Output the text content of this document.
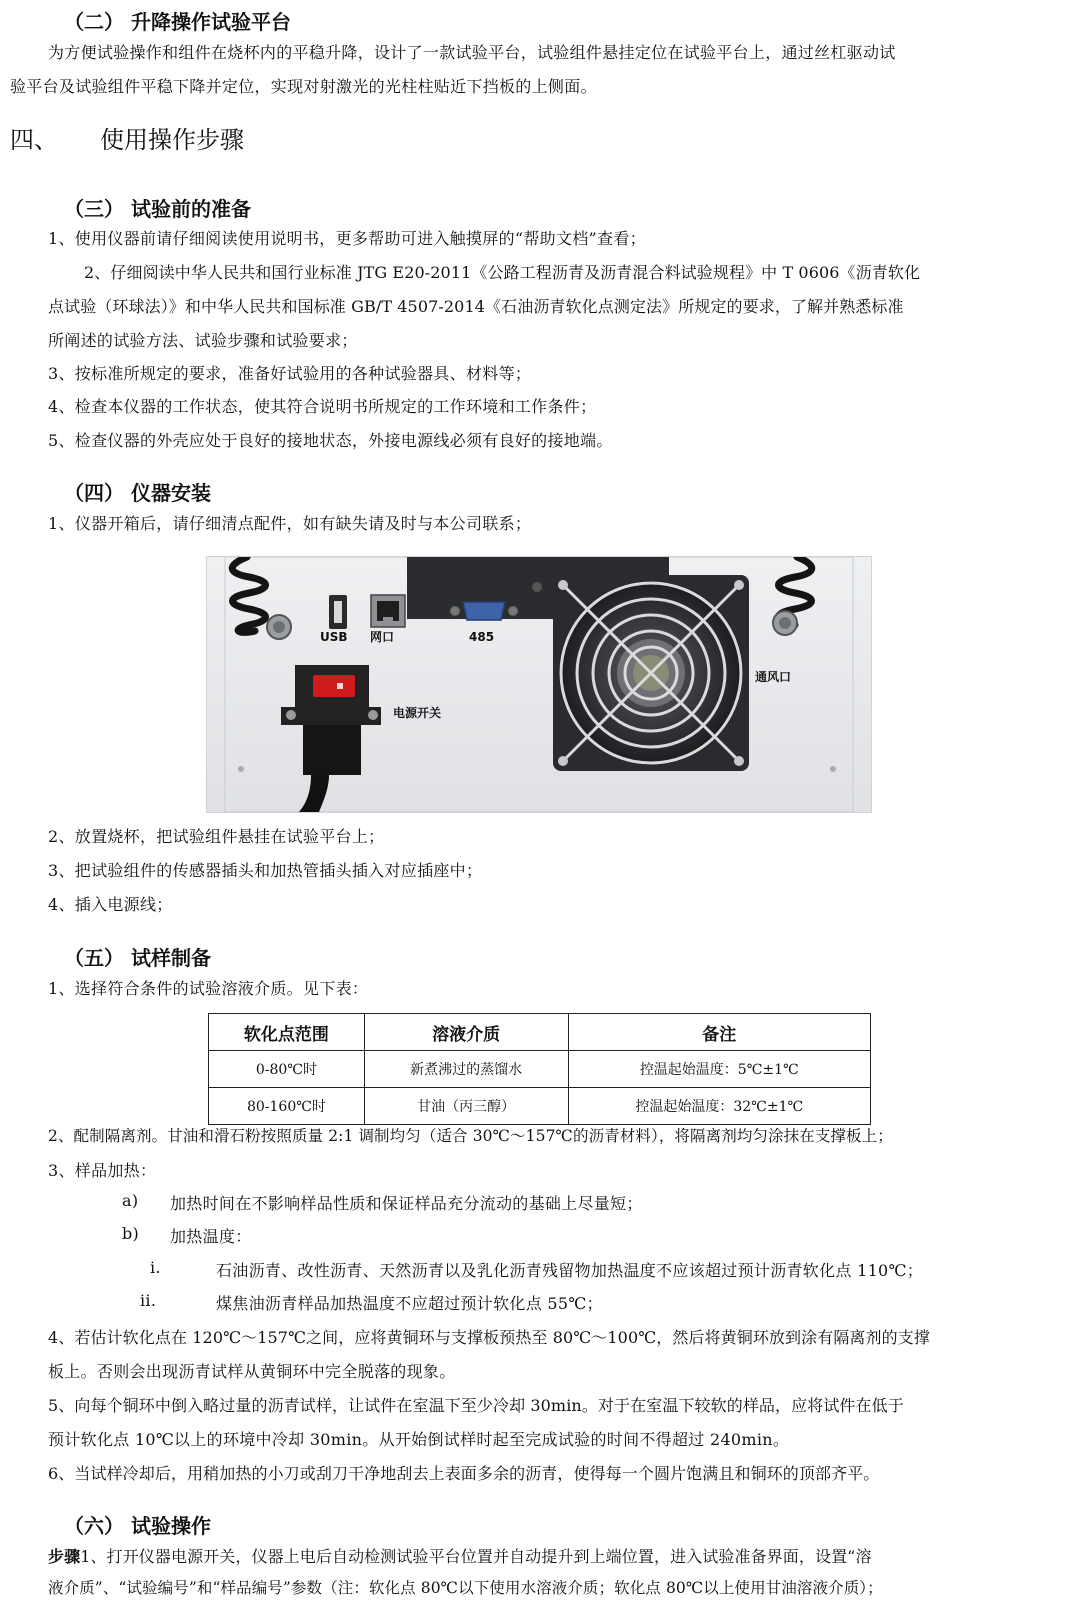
（二） 升降操作试验平台
为方便试验操作和组件在烧杯内的平稳升降，设计了一款试验平台，试验组件悬挂定位在试验平台上，通过丝杠驱动试
验平台及试验组件平稳下降并定位，实现对射激光的光柱柱贴近下挡板的上侧面。
四、 使用操作步骤
（三） 试验前的准备
1、使用仪器前请仔细阅读使用说明书，更多帮助可进入触摸屏的“帮助文档”查看；
2、仔细阅读中华人民共和国行业标准 JTG E20-2011《公路工程沥青及沥青混合料试验规程》中 T 0606《沥青软化
点试验（环球法）》和中华人民共和国标准 GB/T 4507-2014《石油沥青软化点测定法》所规定的要求，了解并熟悉标准
所阐述的试验方法、试验步骤和试验要求；
3、按标准所规定的要求，准备好试验用的各种试验器具、材料等；
4、检查本仪器的工作状态，使其符合说明书所规定的工作环境和工作条件；
5、检查仪器的外壳应处于良好的接地状态，外接电源线必须有良好的接地端。
（四） 仪器安装
1、仪器开箱后，请仔细清点配件，如有缺失请及时与本公司联系；
USB 网口	485
通风口
电源开关
2、放置烧杯，把试验组件悬挂在试验平台上；
3、把试验组件的传感器插头和加热管插头插入对应插座中；
4、插入电源线；
（五） 试样制备
1、选择符合条件的试验溶液介质。见下表：
软化点范围	溶液介质	备注
0-80℃时	新煮沸过的蒸馏水	控温起始温度：5℃±1℃
80-160℃时	甘油（丙三醇）	控温起始温度：32℃±1℃
2、配制隔离剂。甘油和滑石粉按照质量 2:1 调制均匀（适合 30℃～157℃的沥青材料），将隔离剂均匀涂抹在支撑板上；
3、样品加热：
a) 加热时间在不影响样品性质和保证样品充分流动的基础上尽量短；
b) 加热温度：
i.	石油沥青、改性沥青、天然沥青以及乳化沥青残留物加热温度不应该超过预计沥青软化点 110℃；
ii.	煤焦油沥青样品加热温度不应超过预计软化点 55℃；
4、若估计软化点在 120℃～157℃之间，应将黄铜环与支撑板预热至 80℃～100℃，然后将黄铜环放到涂有隔离剂的支撑
板上。否则会出现沥青试样从黄铜环中完全脱落的现象。
5、向每个铜环中倒入略过量的沥青试样，让试件在室温下至少冷却 30min。对于在室温下较软的样品，应将试件在低于
预计软化点 10℃以上的环境中冷却 30min。从开始倒试样时起至完成试验的时间不得超过 240min。
6、当试样冷却后，用稍加热的小刀或刮刀干净地刮去上表面多余的沥青，使得每一个圆片饱满且和铜环的顶部齐平。
（六） 试验操作
步骤1、打开仪器电源开关，仪器上电后自动检测试验平台位置并自动提升到上端位置，进入试验准备界面，设置“溶
液介质”、“试验编号”和“样品编号”参数（注：软化点 80℃以下使用水溶液介质；软化点 80℃以上使用甘油溶液介质）；
